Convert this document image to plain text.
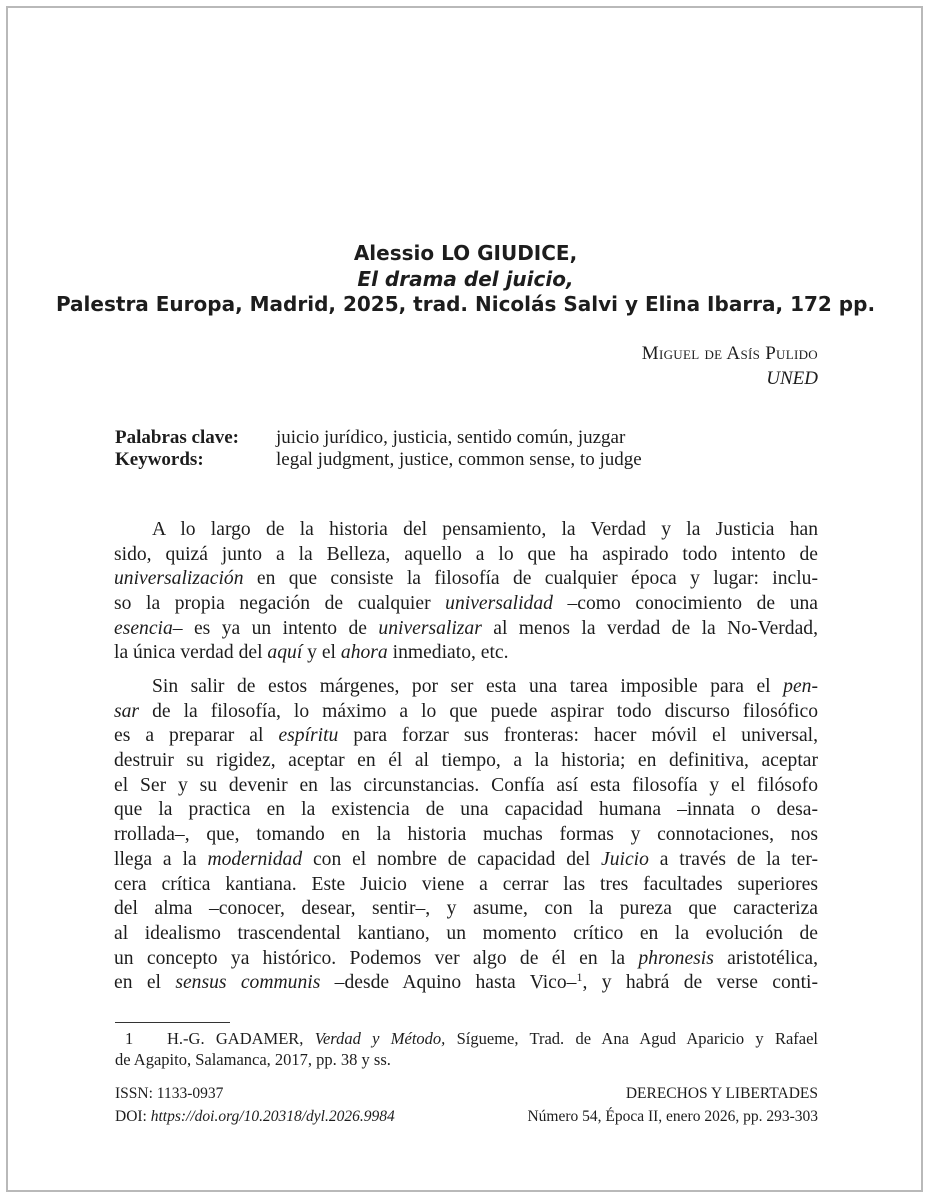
Alessio LO GIUDICE,
El drama del juicio,
Palestra Europa, Madrid, 2025, trad. Nicolás Salvi y Elina Ibarra, 172 pp.
Miguel de Asís Pulido
UNED
Palabras clave:	juicio jurídico, justicia, sentido común, juzgar
Keywords:	legal judgment, justice, common sense, to judge
A lo largo de la historia del pensamiento, la Verdad y la Justicia han
sido, quizá junto a la Belleza, aquello a lo que ha aspirado todo intento de
universalización en que consiste la filosofía de cualquier época y lugar: inclu-
so la propia negación de cualquier universalidad –como conocimiento de una
esencia– es ya un intento de universalizar al menos la verdad de la No-Verdad,
la única verdad del aquí y el ahora inmediato, etc.
Sin salir de estos márgenes, por ser esta una tarea imposible para el pen-
sar de la filosofía, lo máximo a lo que puede aspirar todo discurso filosófico
es a preparar al espíritu para forzar sus fronteras: hacer móvil el universal,
destruir su rigidez, aceptar en él al tiempo, a la historia; en definitiva, aceptar
el Ser y su devenir en las circunstancias. Confía así esta filosofía y el filósofo
que la practica en la existencia de una capacidad humana –innata o desa-
rrollada–, que, tomando en la historia muchas formas y connotaciones, nos
llega a la modernidad con el nombre de capacidad del Juicio a través de la ter-
cera crítica kantiana. Este Juicio viene a cerrar las tres facultades superiores
del alma –conocer, desear, sentir–, y asume, con la pureza que caracteriza
al idealismo trascendental kantiano, un momento crítico en la evolución de
un concepto ya histórico. Podemos ver algo de él en la phronesis aristotélica,
en el sensus communis –desde Aquino hasta Vico–$^1$, y habrá de verse conti-
1 H.-G. GADAMER, Verdad y Método, Sígueme, Trad. de Ana Agud Aparicio y Rafael
de Agapito, Salamanca, 2017, pp. 38 y ss.
ISSN: 1133-0937
DOI: https://doi.org/10.20318/dyl.2026.9984
DERECHOS Y LIBERTADES
Número 54, Época II, enero 2026, pp. 293-303
